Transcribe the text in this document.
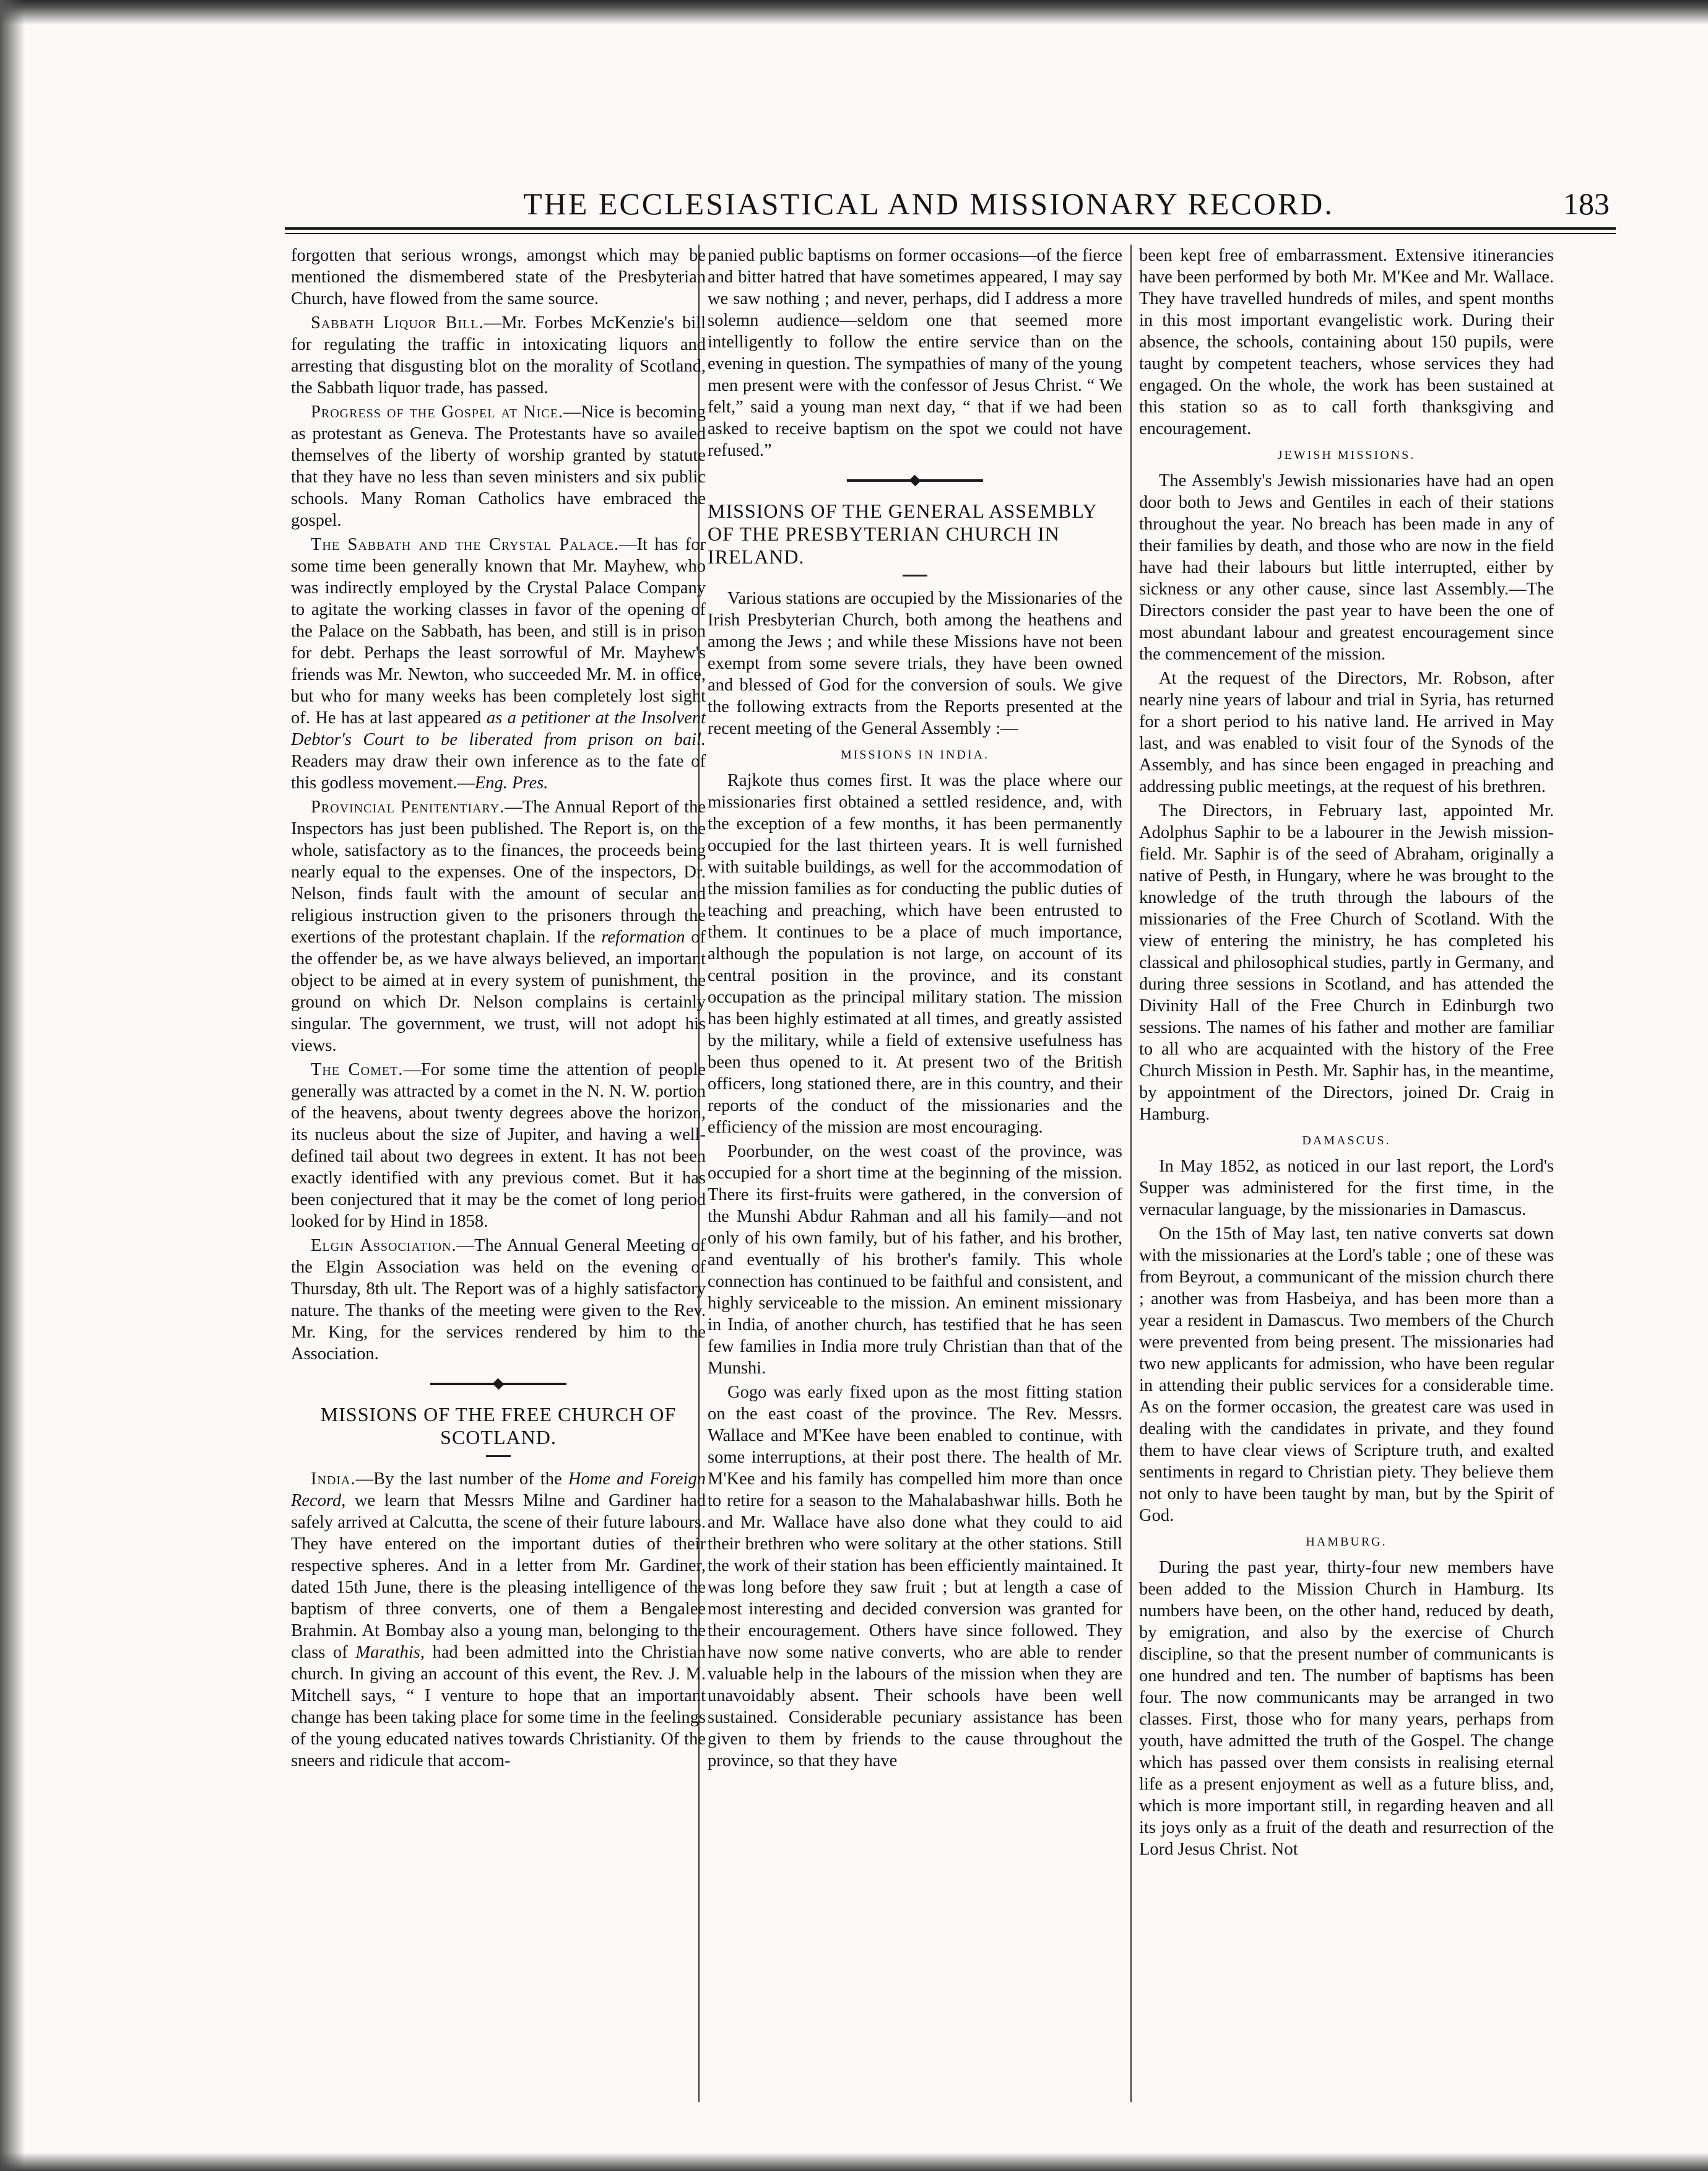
THE ECCLESIASTICAL AND MISSIONARY RECORD.	183

forgotten that serious wrongs, amongst which may be mentioned the dismembered state of the Presbyterian Church, have flowed from the same source.

Sabbath Liquor Bill.—Mr. Forbes McKenzie's bill for regulating the traffic in intoxicating liquors and arresting that disgusting blot on the morality of Scotland, the Sabbath liquor trade, has passed.

Progress of the Gospel at Nice.—Nice is becoming as protestant as Geneva. The Protestants have so availed themselves of the liberty of worship granted by statute that they have no less than seven ministers and six public schools. Many Roman Catholics have embraced the gospel.

The Sabbath and the Crystal Palace.—It has for some time been generally known that Mr. Mayhew, who was indirectly employed by the Crystal Palace Company to agitate the working classes in favor of the opening of the Palace on the Sabbath, has been, and still is in prison for debt. Perhaps the least sorrowful of Mr. Mayhew's friends was Mr. Newton, who succeeded Mr. M. in office, but who for many weeks has been completely lost sight of. He has at last appeared as a petitioner at the Insolvent Debtor's Court to be liberated from prison on bail. Readers may draw their own inference as to the fate of this godless movement.—Eng. Pres.

Provincial Penitentiary.—The Annual Report of the Inspectors has just been published. The Report is, on the whole, satisfactory as to the finances, the proceeds being nearly equal to the expenses. One of the inspectors, Dr. Nelson, finds fault with the amount of secular and religious instruction given to the prisoners through the exertions of the protestant chaplain. If the reformation of the offender be, as we have always believed, an important object to be aimed at in every system of punishment, the ground on which Dr. Nelson complains is certainly singular. The government, we trust, will not adopt his views.

The Comet.—For some time the attention of people generally was attracted by a comet in the N. N. W. portion of the heavens, about twenty degrees above the horizon, its nucleus about the size of Jupiter, and having a well-defined tail about two degrees in extent. It has not been exactly identified with any previous comet. But it has been conjectured that it may be the comet of long period looked for by Hind in 1858.

Elgin Association.—The Annual General Meeting of the Elgin Association was held on the evening of Thursday, 8th ult. The Report was of a highly satisfactory nature. The thanks of the meeting were given to the Rev. Mr. King, for the services rendered by him to the Association.

MISSIONS OF THE FREE CHURCH OF SCOTLAND.

India.—By the last number of the Home and Foreign Record, we learn that Messrs Milne and Gardiner had safely arrived at Calcutta, the scene of their future labours. They have entered on the important duties of their respective spheres. And in a letter from Mr. Gardiner, dated 15th June, there is the pleasing intelligence of the baptism of three converts, one of them a Bengalee Brahmin. At Bombay also a young man, belonging to the class of Marathis, had been admitted into the Christian church. In giving an account of this event, the Rev. J. M. Mitchell says, “ I venture to hope that an important change has been taking place for some time in the feelings of the young educated natives towards Christianity. Of the sneers and ridicule that accom-

panied public baptisms on former occasions—of the fierce and bitter hatred that have sometimes appeared, I may say we saw nothing ; and never, perhaps, did I address a more solemn audience—seldom one that seemed more intelligently to follow the entire service than on the evening in question. The sympathies of many of the young men present were with the confessor of Jesus Christ. “ We felt,” said a young man next day, “ that if we had been asked to receive baptism on the spot we could not have refused.”

MISSIONS OF THE GENERAL ASSEMBLY OF THE PRESBYTERIAN CHURCH IN IRELAND.

Various stations are occupied by the Missionaries of the Irish Presbyterian Church, both among the heathens and among the Jews ; and while these Missions have not been exempt from some severe trials, they have been owned and blessed of God for the conversion of souls. We give the following extracts from the Reports presented at the recent meeting of the General Assembly :—

MISSIONS IN INDIA.

Rajkote thus comes first. It was the place where our missionaries first obtained a settled residence, and, with the exception of a few months, it has been permanently occupied for the last thirteen years. It is well furnished with suitable buildings, as well for the accommodation of the mission families as for conducting the public duties of teaching and preaching, which have been entrusted to them. It continues to be a place of much importance, although the population is not large, on account of its central position in the province, and its constant occupation as the principal military station. The mission has been highly estimated at all times, and greatly assisted by the military, while a field of extensive usefulness has been thus opened to it. At present two of the British officers, long stationed there, are in this country, and their reports of the conduct of the missionaries and the efficiency of the mission are most encouraging.

Poorbunder, on the west coast of the province, was occupied for a short time at the beginning of the mission. There its first-fruits were gathered, in the conversion of the Munshi Abdur Rahman and all his family—and not only of his own family, but of his father, and his brother, and eventually of his brother's family. This whole connection has continued to be faithful and consistent, and highly serviceable to the mission. An eminent missionary in India, of another church, has testified that he has seen few families in India more truly Christian than that of the Munshi.

Gogo was early fixed upon as the most fitting station on the east coast of the province. The Rev. Messrs. Wallace and M'Kee have been enabled to continue, with some interruptions, at their post there. The health of Mr. M'Kee and his family has compelled him more than once to retire for a season to the Mahalabashwar hills. Both he and Mr. Wallace have also done what they could to aid their brethren who were solitary at the other stations. Still the work of their station has been efficiently maintained. It was long before they saw fruit ; but at length a case of most interesting and decided conversion was granted for their encouragement. Others have since followed. They have now some native converts, who are able to render valuable help in the labours of the mission when they are unavoidably absent. Their schools have been well sustained. Considerable pecuniary assistance has been given to them by friends to the cause throughout the province, so that they have

been kept free of embarrassment. Extensive itinerancies have been performed by both Mr. M'Kee and Mr. Wallace. They have travelled hundreds of miles, and spent months in this most important evangelistic work. During their absence, the schools, containing about 150 pupils, were taught by competent teachers, whose services they had engaged. On the whole, the work has been sustained at this station so as to call forth thanksgiving and encouragement.

JEWISH MISSIONS.

The Assembly's Jewish missionaries have had an open door both to Jews and Gentiles in each of their stations throughout the year. No breach has been made in any of their families by death, and those who are now in the field have had their labours but little interrupted, either by sickness or any other cause, since last Assembly.—The Directors consider the past year to have been the one of most abundant labour and greatest encouragement since the commencement of the mission.

At the request of the Directors, Mr. Robson, after nearly nine years of labour and trial in Syria, has returned for a short period to his native land. He arrived in May last, and was enabled to visit four of the Synods of the Assembly, and has since been engaged in preaching and addressing public meetings, at the request of his brethren.

The Directors, in February last, appointed Mr. Adolphus Saphir to be a labourer in the Jewish mission-field. Mr. Saphir is of the seed of Abraham, originally a native of Pesth, in Hungary, where he was brought to the knowledge of the truth through the labours of the missionaries of the Free Church of Scotland. With the view of entering the ministry, he has completed his classical and philosophical studies, partly in Germany, and during three sessions in Scotland, and has attended the Divinity Hall of the Free Church in Edinburgh two sessions. The names of his father and mother are familiar to all who are acquainted with the history of the Free Church Mission in Pesth. Mr. Saphir has, in the meantime, by appointment of the Directors, joined Dr. Craig in Hamburg.

DAMASCUS.

In May 1852, as noticed in our last report, the Lord's Supper was administered for the first time, in the vernacular language, by the missionaries in Damascus.

On the 15th of May last, ten native converts sat down with the missionaries at the Lord's table ; one of these was from Beyrout, a communicant of the mission church there ; another was from Hasbeiya, and has been more than a year a resident in Damascus. Two members of the Church were prevented from being present. The missionaries had two new applicants for admission, who have been regular in attending their public services for a considerable time. As on the former occasion, the greatest care was used in dealing with the candidates in private, and they found them to have clear views of Scripture truth, and exalted sentiments in regard to Christian piety. They believe them not only to have been taught by man, but by the Spirit of God.

HAMBURG.

During the past year, thirty-four new members have been added to the Mission Church in Hamburg. Its numbers have been, on the other hand, reduced by death, by emigration, and also by the exercise of Church discipline, so that the present number of communicants is one hundred and ten. The number of baptisms has been four. The now communicants may be arranged in two classes. First, those who for many years, perhaps from youth, have admitted the truth of the Gospel. The change which has passed over them consists in realising eternal life as a present enjoyment as well as a future bliss, and, which is more important still, in regarding heaven and all its joys only as a fruit of the death and resurrection of the Lord Jesus Christ. Not
